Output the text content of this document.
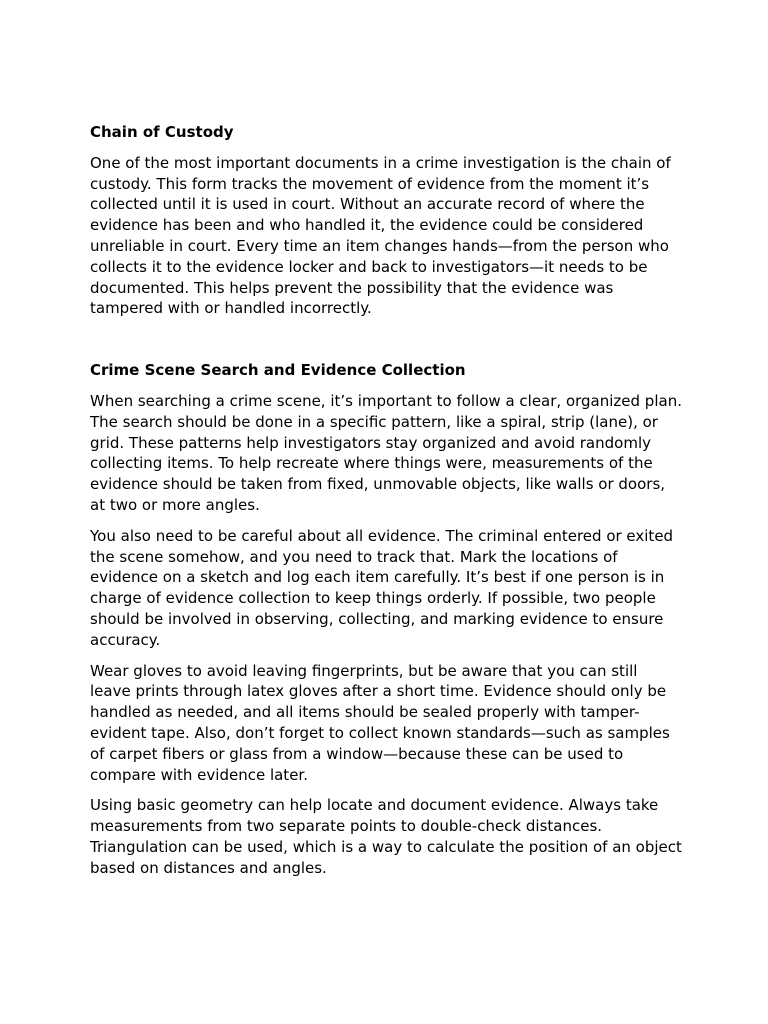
Chain of Custody

One of the most important documents in a crime investigation is the chain of custody. This form tracks the movement of evidence from the moment it’s collected until it is used in court. Without an accurate record of where the evidence has been and who handled it, the evidence could be considered unreliable in court. Every time an item changes hands—from the person who collects it to the evidence locker and back to investigators—it needs to be documented. This helps prevent the possibility that the evidence was tampered with or handled incorrectly.

Crime Scene Search and Evidence Collection

When searching a crime scene, it’s important to follow a clear, organized plan. The search should be done in a specific pattern, like a spiral, strip (lane), or grid. These patterns help investigators stay organized and avoid randomly collecting items. To help recreate where things were, measurements of the evidence should be taken from fixed, unmovable objects, like walls or doors, at two or more angles.

You also need to be careful about all evidence. The criminal entered or exited the scene somehow, and you need to track that. Mark the locations of evidence on a sketch and log each item carefully. It’s best if one person is in charge of evidence collection to keep things orderly. If possible, two people should be involved in observing, collecting, and marking evidence to ensure accuracy.

Wear gloves to avoid leaving fingerprints, but be aware that you can still leave prints through latex gloves after a short time. Evidence should only be handled as needed, and all items should be sealed properly with tamper-evident tape. Also, don’t forget to collect known standards—such as samples of carpet fibers or glass from a window—because these can be used to compare with evidence later.

Using basic geometry can help locate and document evidence. Always take measurements from two separate points to double-check distances. Triangulation can be used, which is a way to calculate the position of an object based on distances and angles.
